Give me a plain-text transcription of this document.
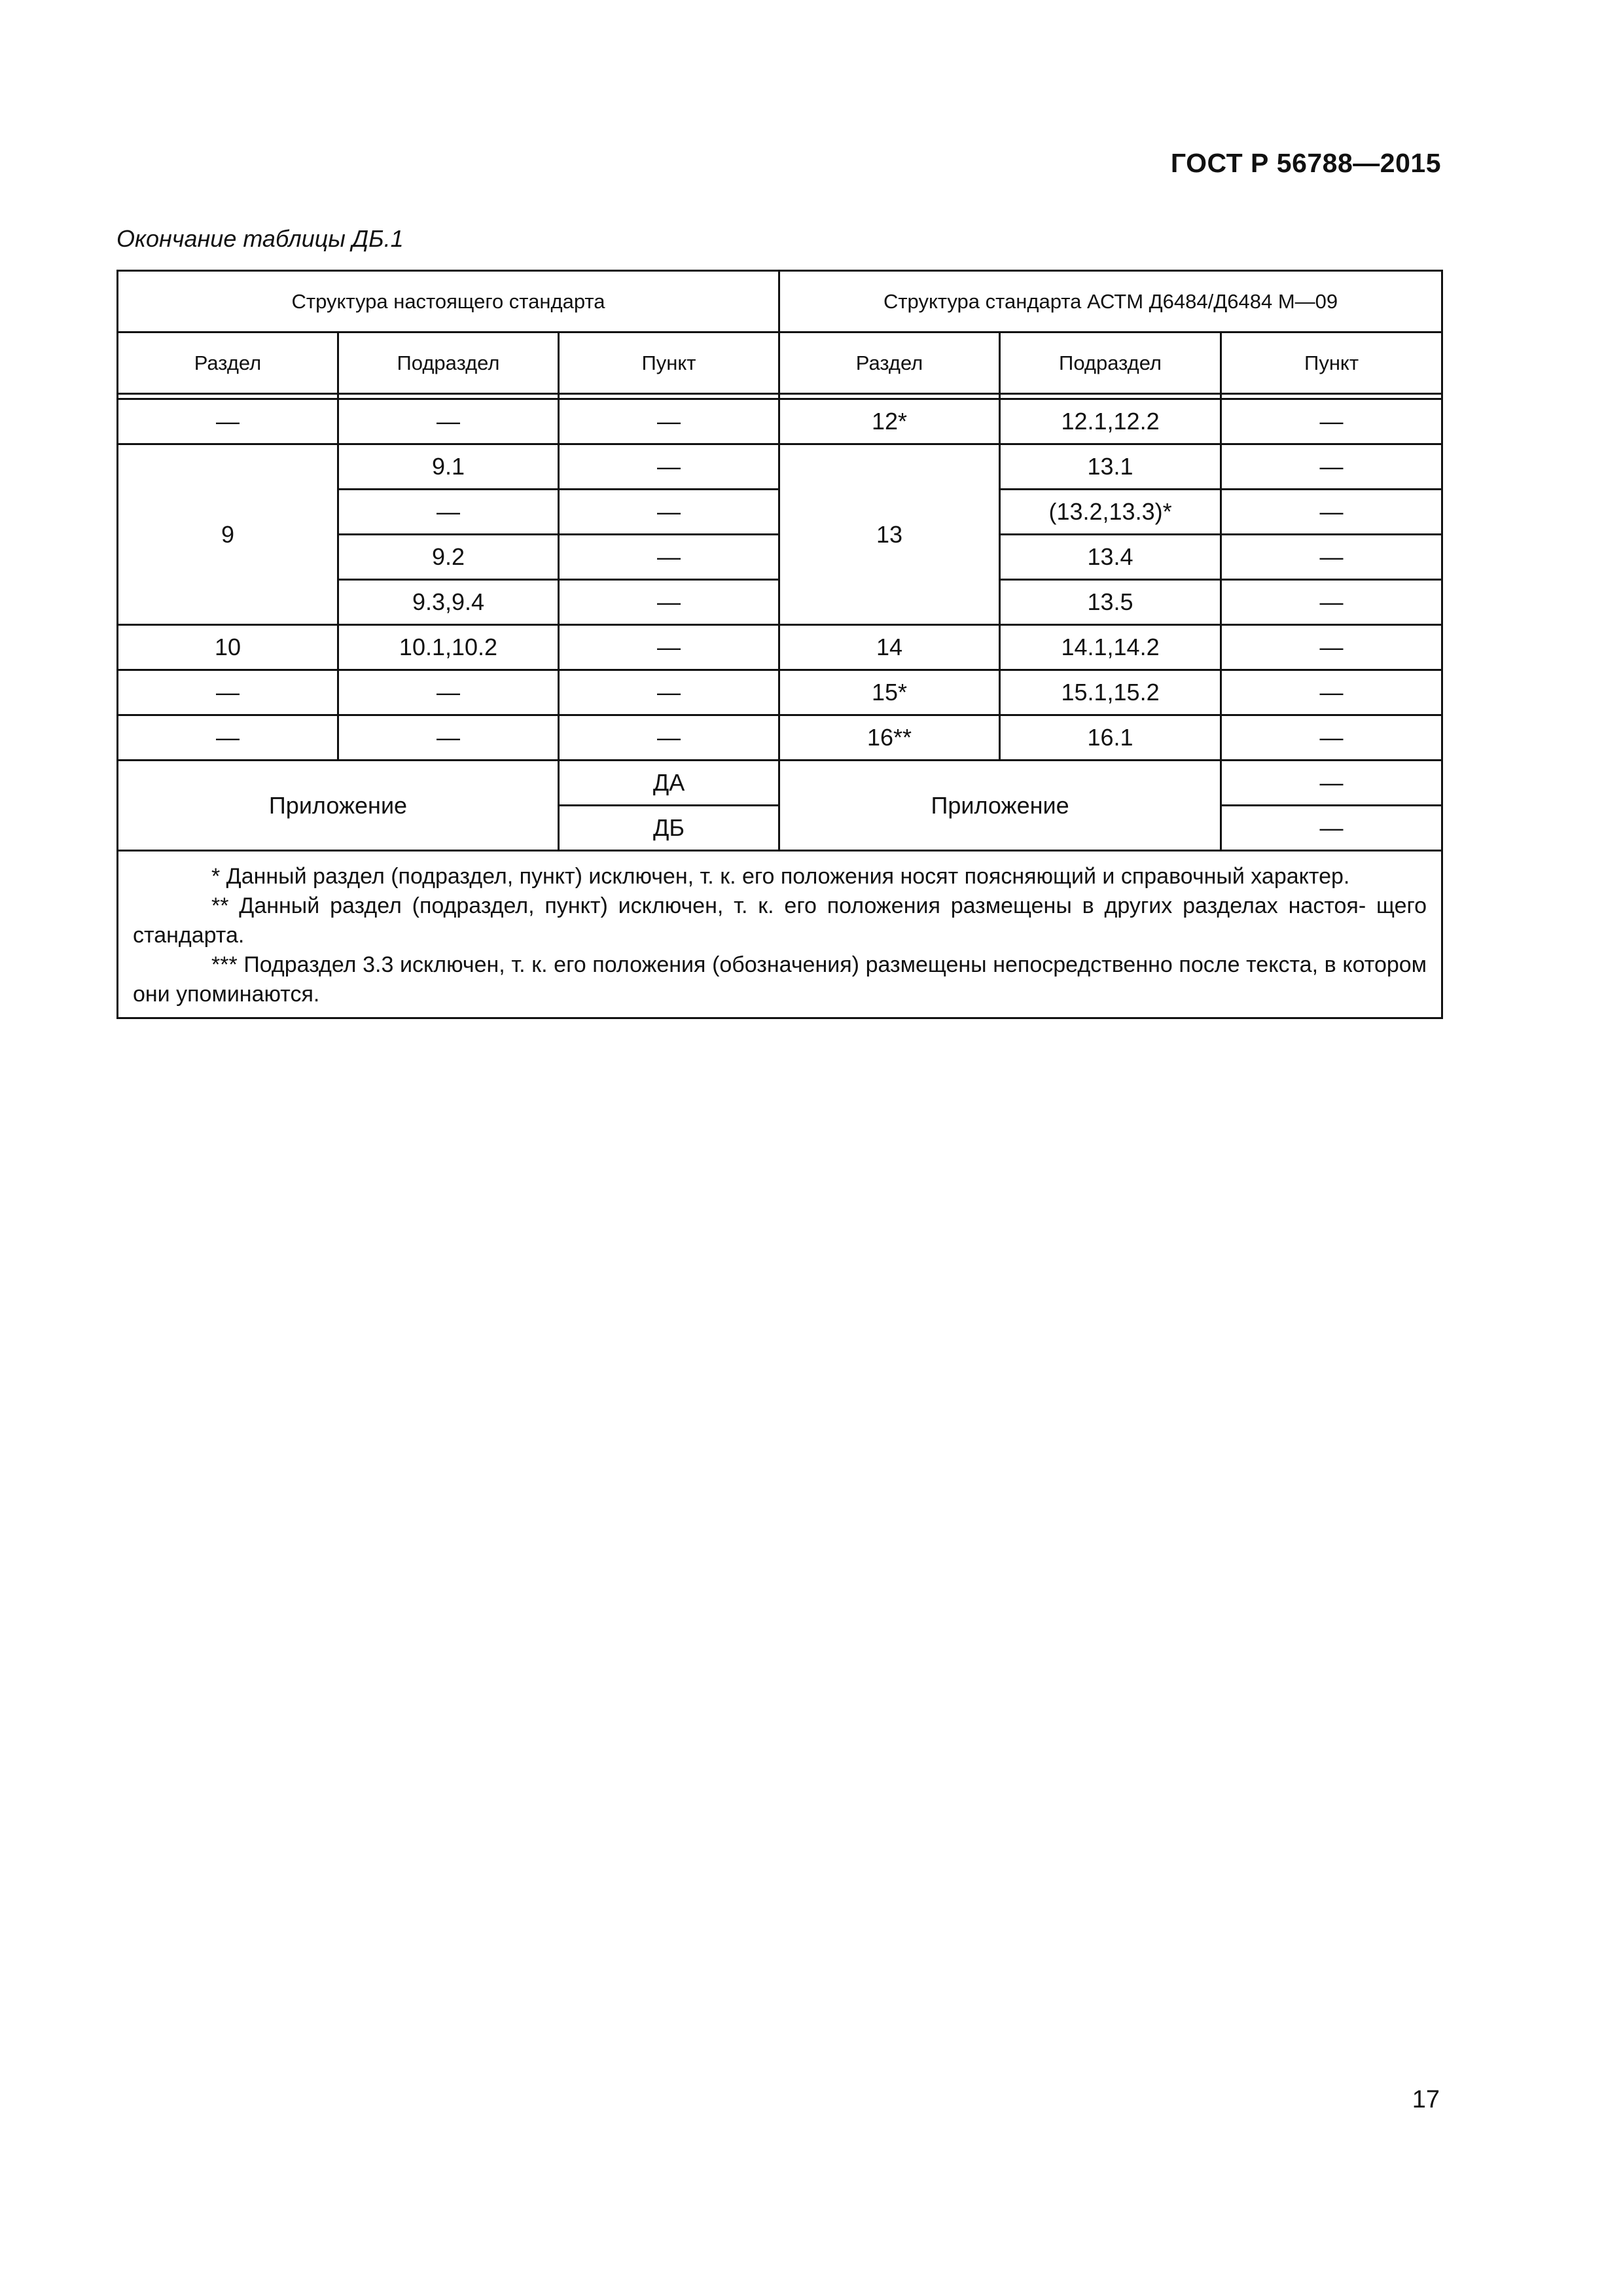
ГОСТ Р 56788—2015
Окончание таблицы ДБ.1
Структура настоящего стандарта			Структура стандарта АСТМ Д6484/Д6484 М—09		
Раздел	Подраздел	Пункт	Раздел	Подраздел	Пункт

—	—	—	12*	12.1,12.2	—
9	9.1	—	13	13.1	—
	—	—		(13.2,13.3)*	—
	9.2	—		13.4	—
	9.3,9.4	—		13.5	—
10	10.1,10.2	—	14	14.1,14.2	—
—	—	—	15*	15.1,15.2	—
—	—	—	16**	16.1	—
Приложение		ДА	Приложение		—
		ДБ			—

* Данный раздел (подраздел, пункт) исключен, т. к. его положения носят поясняющий и справочный характер.

** Данный раздел (подраздел, пункт) исключен, т. к. его положения размещены в других разделах настоя- щего стандарта.

*** Подраздел 3.3 исключен, т. к. его положения (обозначения) размещены непосредственно после текста, в котором они упоминаются.					

17
